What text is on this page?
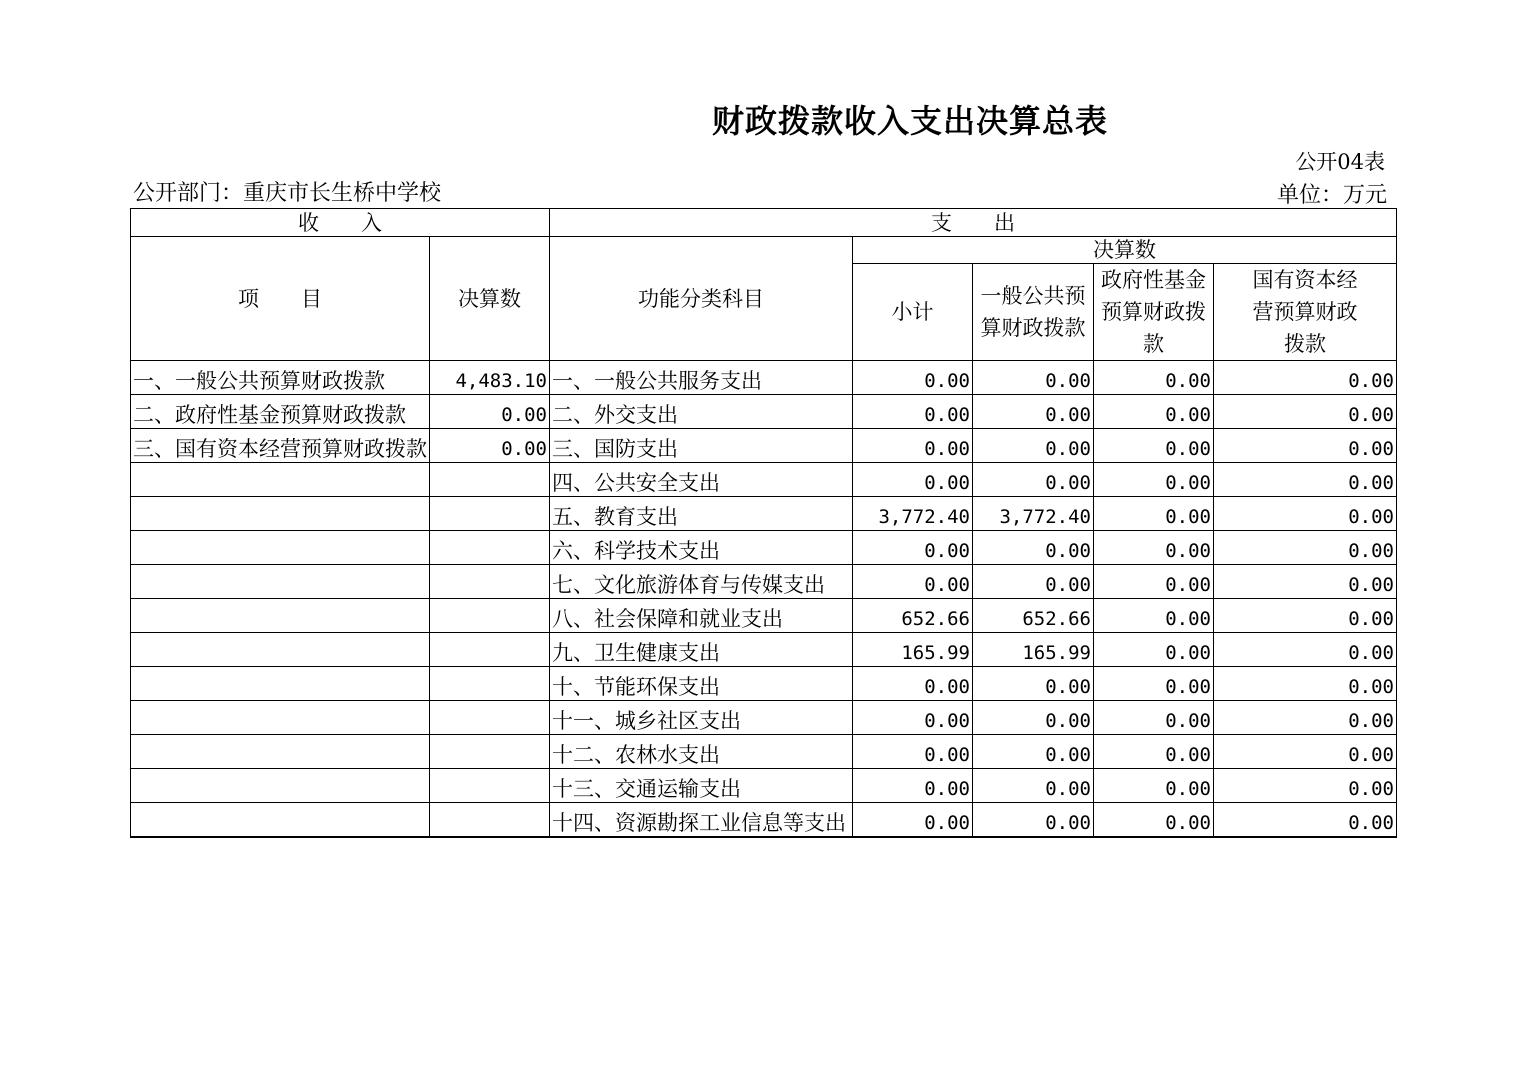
财政拨款收入支出决算总表
公开04表
公开部门：重庆市长生桥中学校	单位：万元
收　　入		支　　出				
项　　目	决算数	功能分类科目	决算数			
			小计	一般公共预算财政拨款	政府性基金预算财政拨款	国有资本经营预算财政拨款
一、一般公共预算财政拨款	4,483.10	一、一般公共服务支出	0.00	0.00	0.00	0.00
二、政府性基金预算财政拨款	0.00	二、外交支出	0.00	0.00	0.00	0.00
三、国有资本经营预算财政拨款	0.00	三、国防支出	0.00	0.00	0.00	0.00
		四、公共安全支出	0.00	0.00	0.00	0.00
		五、教育支出	3,772.40	3,772.40	0.00	0.00
		六、科学技术支出	0.00	0.00	0.00	0.00
		七、文化旅游体育与传媒支出	0.00	0.00	0.00	0.00
		八、社会保障和就业支出	652.66	652.66	0.00	0.00
		九、卫生健康支出	165.99	165.99	0.00	0.00
		十、节能环保支出	0.00	0.00	0.00	0.00
		十一、城乡社区支出	0.00	0.00	0.00	0.00
		十二、农林水支出	0.00	0.00	0.00	0.00
		十三、交通运输支出	0.00	0.00	0.00	0.00
		十四、资源勘探工业信息等支出	0.00	0.00	0.00	0.00
